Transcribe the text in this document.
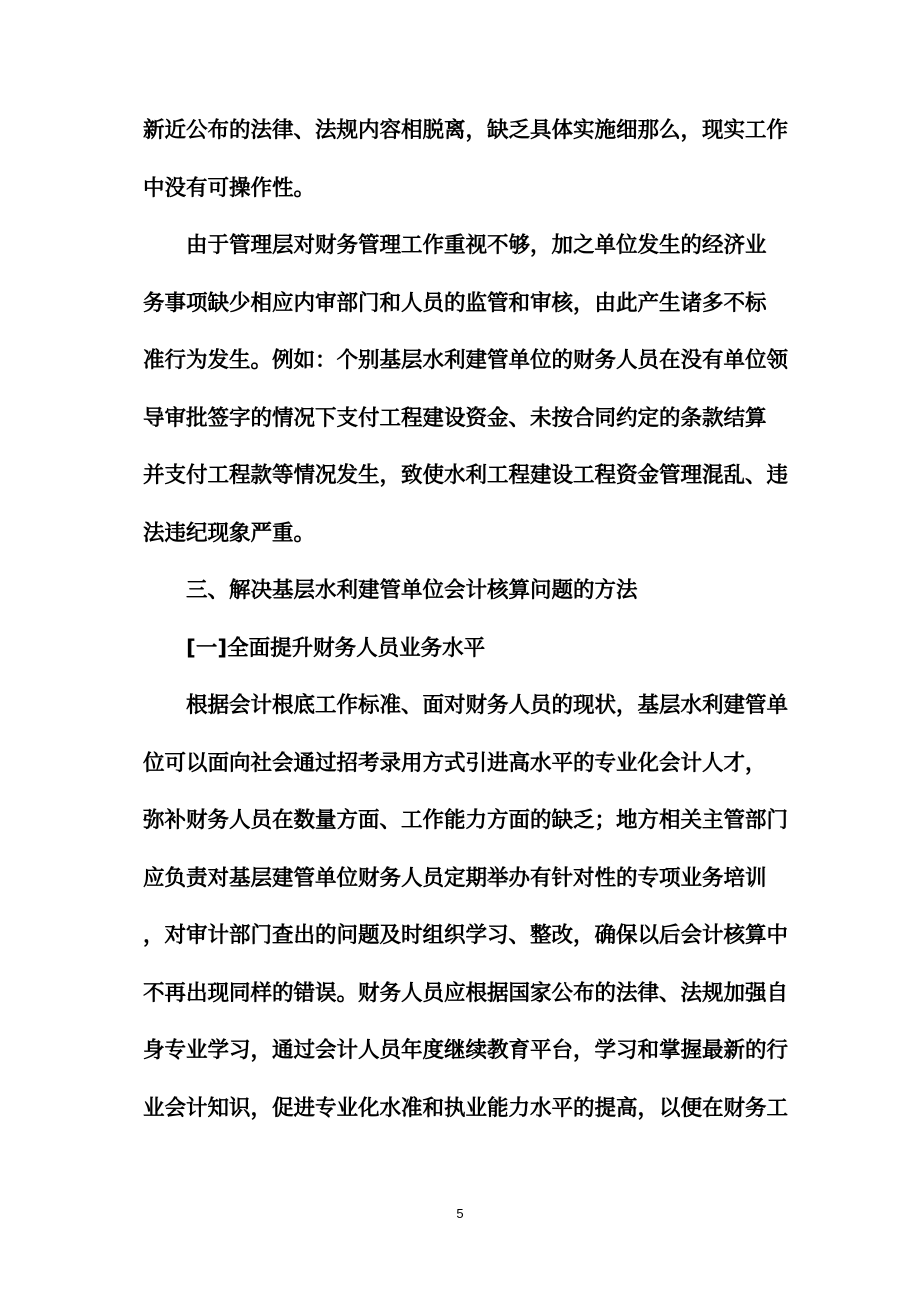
新近公布的法律、法规内容相脱离，缺乏具体实施细那么，现实工作
中没有可操作性。
由于管理层对财务管理工作重视不够，加之单位发生的经济业
务事项缺少相应内审部门和人员的监管和审核，由此产生诸多不标
准行为发生。例如：个别基层水利建管单位的财务人员在没有单位领
导审批签字的情况下支付工程建设资金、未按合同约定的条款结算
并支付工程款等情况发生，致使水利工程建设工程资金管理混乱、违
法违纪现象严重。
三、解决基层水利建管单位会计核算问题的方法
[一]全面提升财务人员业务水平
根据会计根底工作标准、面对财务人员的现状，基层水利建管单
位可以面向社会通过招考录用方式引进高水平的专业化会计人才，
弥补财务人员在数量方面、工作能力方面的缺乏；地方相关主管部门
应负责对基层建管单位财务人员定期举办有针对性的专项业务培训
，对审计部门查出的问题及时组织学习、整改，确保以后会计核算中
不再出现同样的错误。财务人员应根据国家公布的法律、法规加强自
身专业学习，通过会计人员年度继续教育平台，学习和掌握最新的行
业会计知识，促进专业化水准和执业能力水平的提高，以便在财务工
5
